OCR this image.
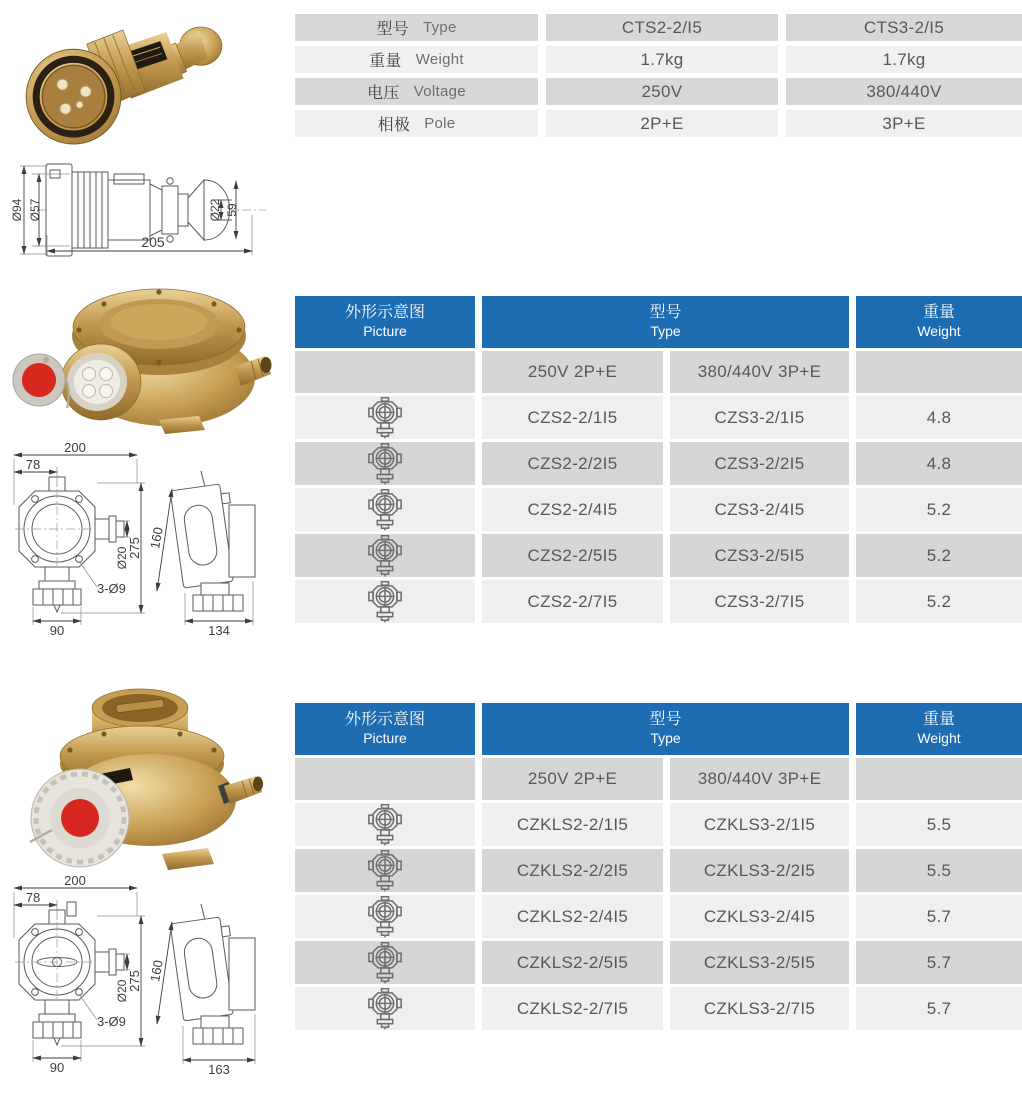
Ø94 Ø57	Ø22 59
205
型号 Type	CTS2-2/I5	CTS3-2/I5
重量 Weight	1.7kg	1.7kg
电压 Voltage	250V	380/440V
相极 Pole	2P+E	3P+E
200
78
275
Ø20
3-Ø9
90
160
134
外形示意图
Picture
型号
Type
重量
Weight
250V 2P+E	380/440V 3P+E
CZS2-2/1I5	CZS3-2/1I5	4.8
CZS2-2/2I5	CZS3-2/2I5	4.8
CZS2-2/4I5	CZS3-2/4I5	5.2
CZS2-2/5I5	CZS3-2/5I5	5.2
CZS2-2/7I5	CZS3-2/7I5	5.2
200
78
275
Ø20
3-Ø9
90
160
163
外形示意图
Picture
型号
Type
重量
Weight
250V 2P+E	380/440V 3P+E
CZKLS2-2/1I5	CZKLS3-2/1I5	5.5
CZKLS2-2/2I5	CZKLS3-2/2I5	5.5
CZKLS2-2/4I5	CZKLS3-2/4I5	5.7
CZKLS2-2/5I5	CZKLS3-2/5I5	5.7
CZKLS2-2/7I5	CZKLS3-2/7I5	5.7
